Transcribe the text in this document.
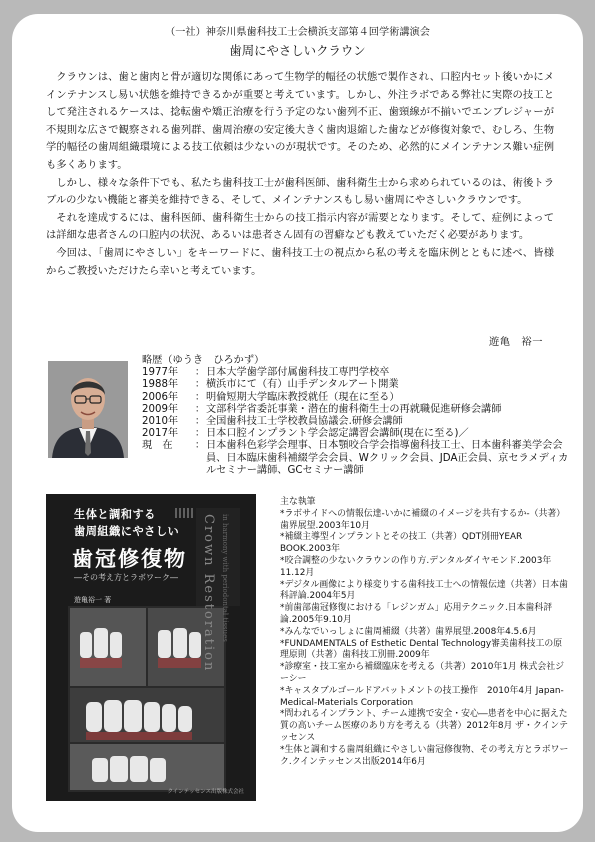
（一社）神奈川県歯科技工士会横浜支部第４回学術講演会
歯周にやさしいクラウン

クラウンは、歯と歯肉と骨が適切な関係にあって生物学的幅径の状態で製作され、口腔内セット後いかにメインテナンスし易い状態を維持できるかが重要と考えています。しかし、外注ラボである弊社に実際の技工として発注されるケースは、捻転歯や矯正治療を行う予定のない歯列不正、歯頸線が不揃いでエンブレジャーが不規則な広さで観察される歯列群、歯周治療の安定後大きく歯肉退縮した歯などが修復対象で、むしろ、生物学的幅径の歯周組織環境による技工依頼は少ないのが現状です。そのため、必然的にメインテナンス難い症例も多くあります。

しかし、様々な条件下でも、私たち歯科技工士が歯科医師、歯科衛生士から求められているのは、術後トラブルの少ない機能と審美を維持できる、そして、メインテナンスもし易い歯周にやさしいクラウンです。

それを達成するには、歯科医師、歯科衛生士からの技工指示内容が需要となります。そして、症例によっては詳細な患者さんの口腔内の状況、あるいは患者さん固有の習癖なども教えていただく必要があります。

今回は、「歯周にやさしい」をキーワードに、歯科技工士の視点から私の考えを臨床例とともに述べ、皆様からご教授いただけたら幸いと考えています。

遊亀　裕一
略歴（ゆうき　ひろかず）
1977年	： 日本大学歯学部付属歯科技工専門学校卒
1988年	： 横浜市にて（有）山手デンタルアート開業
2006年	： 明倫短期大学臨床教授就任（現在に至る）
2009年	： 文部科学省委託事業・潜在的歯科衛生士の再就職促進研修会講師
2010年	： 全国歯科技工士学校教員協議会.研修会講師
2017年	： 日本口腔インプラント学会認定講習会講師(現在に至る)／
現　在	： 日本歯科色彩学会理事、日本顎咬合学会指導歯科技工士、日本歯科審美学会会員、日本臨床歯科補綴学会会員、Wクリック会員、JDA正会員、京セラメディカルセミナー講師、GCセミナー講師
生体と調和する
歯周組織にやさしい
歯冠修復物
―その考え方とラボワーク―
遊亀裕一 著	Crown Restoration in harmony with periodontal tissues
クインテッセンス出版株式会社
主な執筆

*ラボサイドへの情報伝達-いかに補綴のイメージを共有するか-（共著）歯界展望.2003年10月

*補綴主導型インプラントとその技工（共著）QDT別冊YEAR BOOK.2003年

*咬合調整の少ないクラウンの作り方.デンタルダイヤモンド.2003年11.12月

*デジタル画像により様変りする歯科技工士への情報伝達（共著）日本歯科評論.2004年5月

*前歯部歯冠修復における「レジンガム」応用テクニック.日本歯科評論.2005年9.10月

*みんなでいっしょに歯周補綴（共著）歯界展望.2008年4.5.6月

*FUNDAMENTALS of Esthetic Dental Technology審美歯科技工の原理原則（共著）歯科技工別冊.2009年

*診療室・技工室から補綴臨床を考える（共著）2010年1月 株式会社ジーシー

*キャスタブルゴールドアバットメントの技工操作　2010年4月 Japan-Medical-Materials Corporation

*問われるインプラント、チーム連携で安全・安心―患者を中心に据えた質の高いチーム医療のあり方を考える（共著）2012年8月 ザ・クインテッセンス

*生体と調和する歯周組織にやさしい歯冠修復物、その考え方とラボワーク.クインテッセンス出版2014年6月
